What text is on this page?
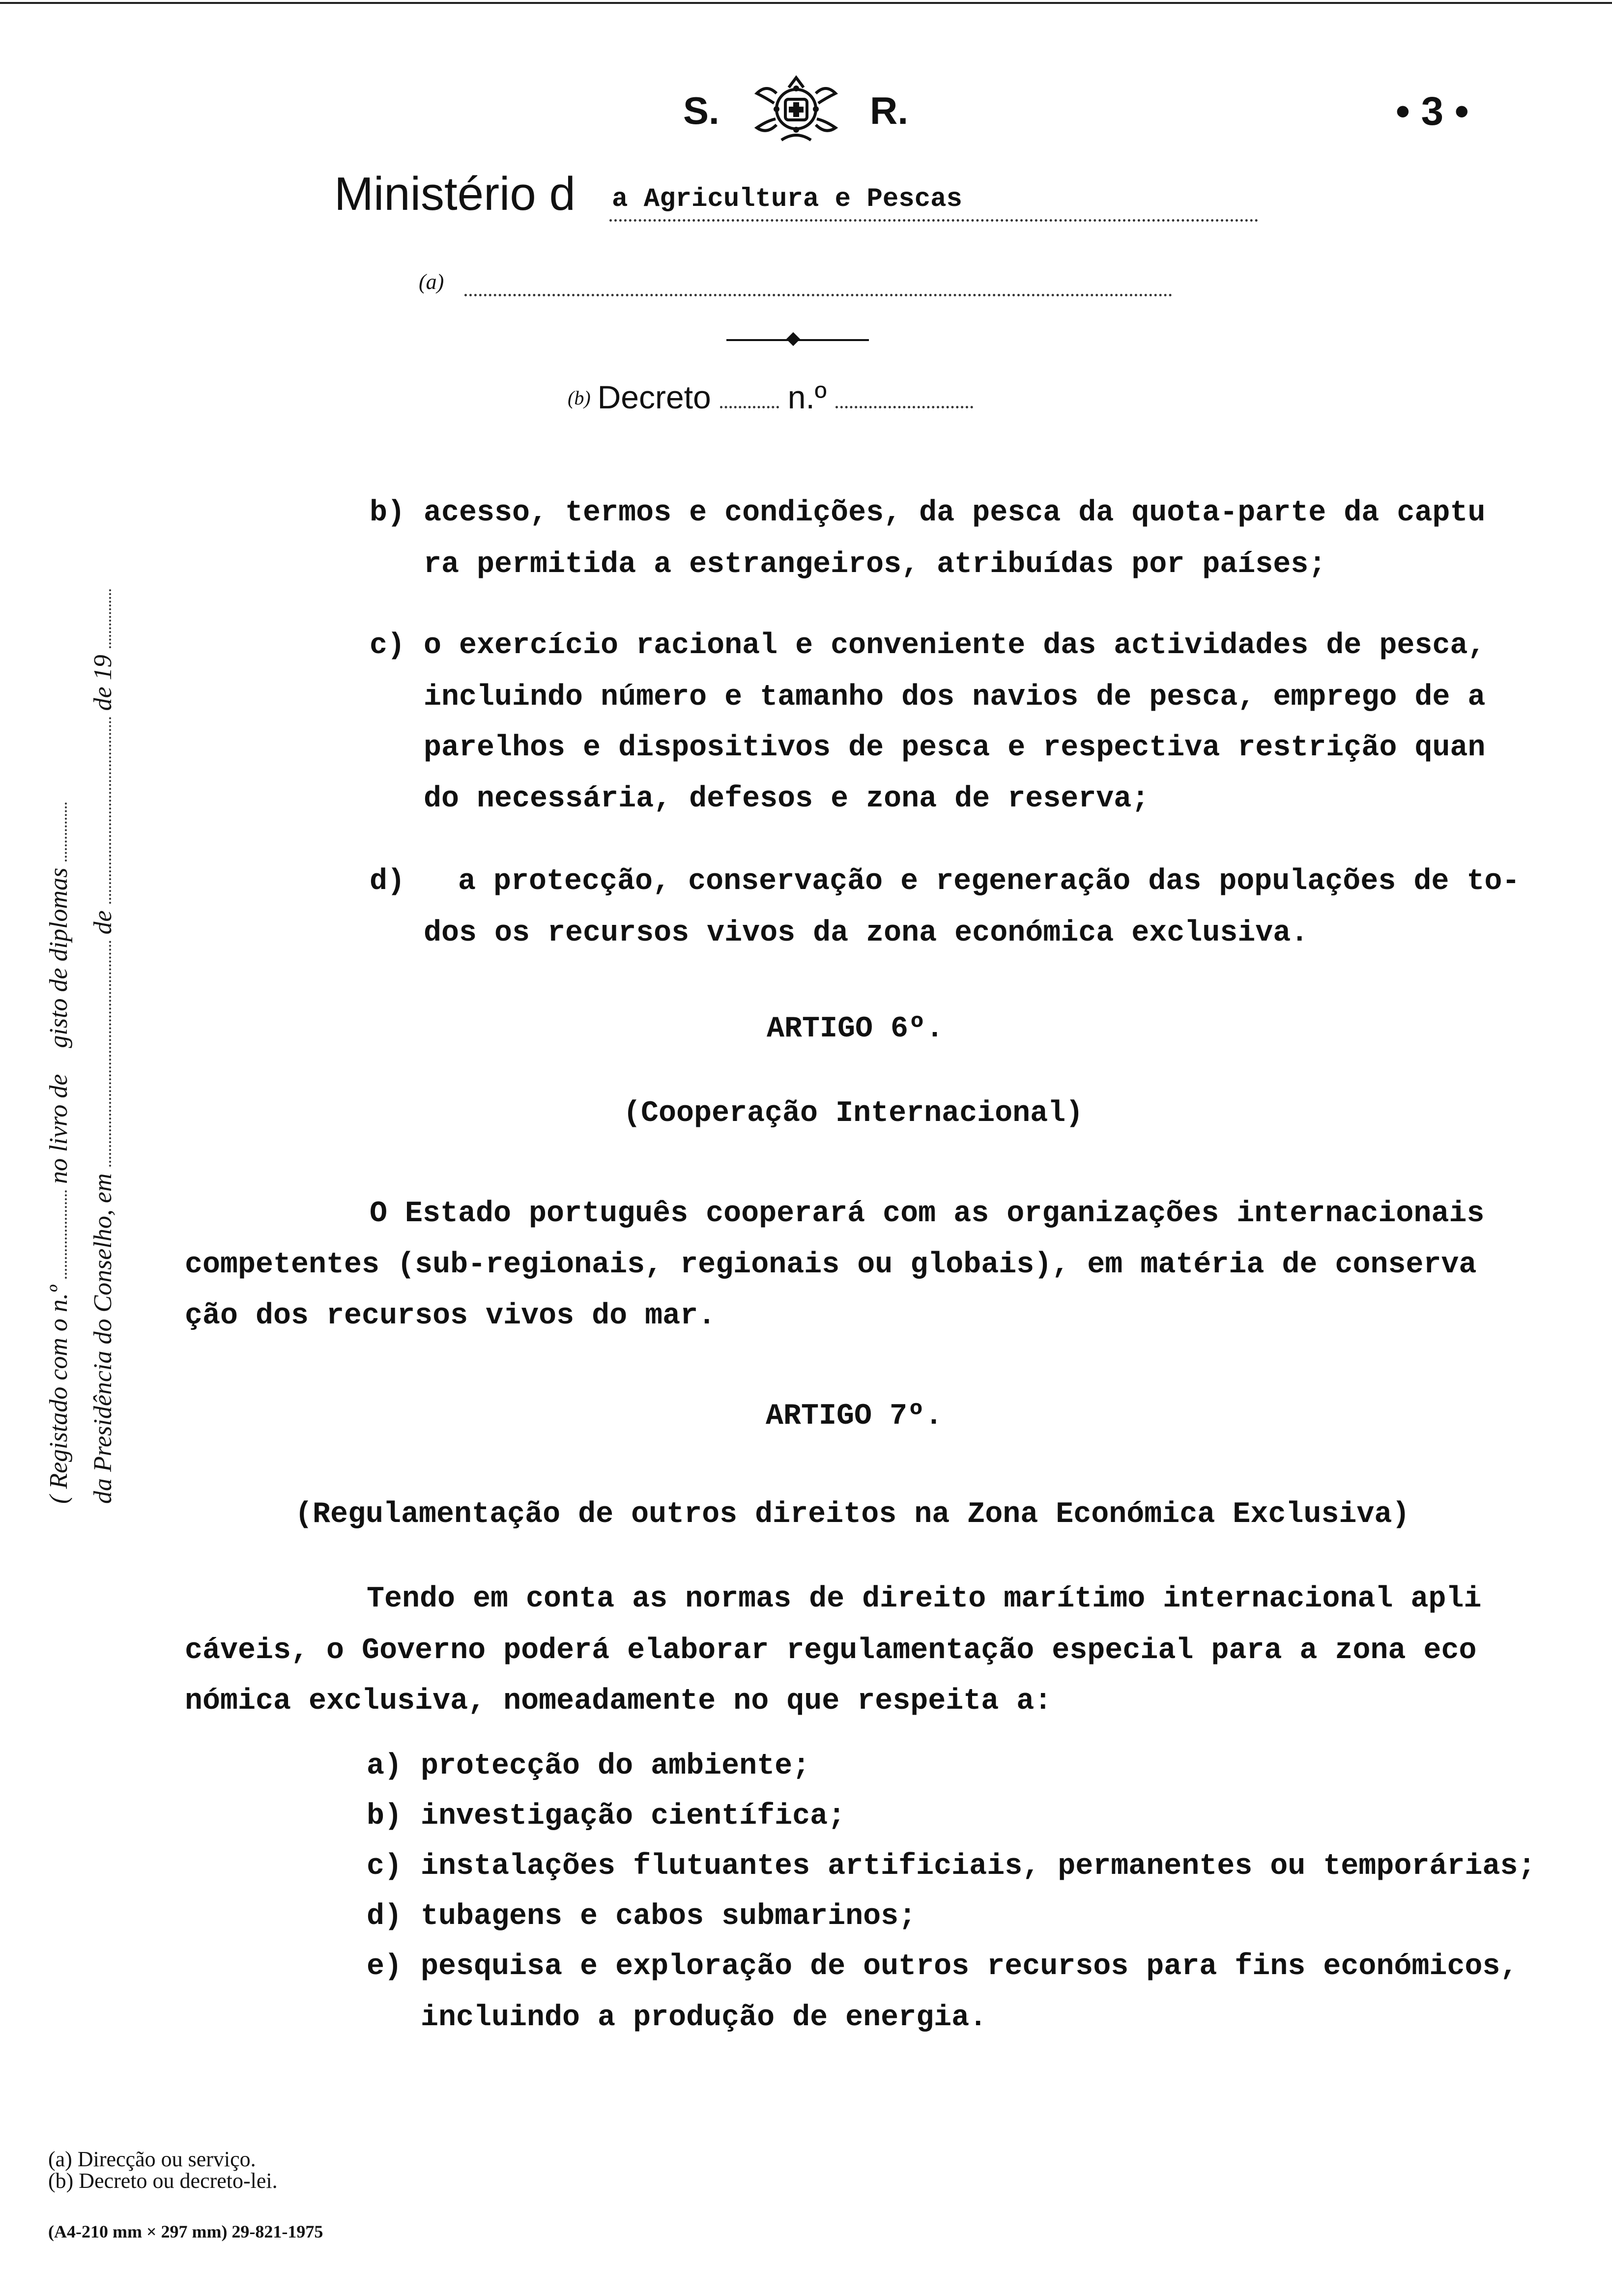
S.	R.	• 3 •
Ministério d a Agricultura e Pescas
(a)
(b) Decreto n.º
( Registado com o n.º  no livro de gisto de diplomas
da Presidência do Conselho, em  de  de 19
b) acesso, termos e condições, da pesca da quota-parte da captu
ra permitida a estrangeiros, atribuídas por países;
c) o exercício racional e conveniente das actividades de pesca,
incluindo número e tamanho dos navios de pesca, emprego de a
parelhos e dispositivos de pesca e respectiva restrição quan
do necessária, defesos e zona de reserva;
d) a protecção, conservação e regeneração das populações de to-
dos os recursos vivos da zona económica exclusiva.
ARTIGO 6º.
(Cooperação Internacional)
O Estado português cooperará com as organizações internacionais
competentes (sub-regionais, regionais ou globais), em matéria de conserva
ção dos recursos vivos do mar.
ARTIGO 7º.
(Regulamentação de outros direitos na Zona Económica Exclusiva)
Tendo em conta as normas de direito marítimo internacional apli
cáveis, o Governo poderá elaborar regulamentação especial para a zona eco
nómica exclusiva, nomeadamente no que respeita a:
a) protecção do ambiente;
b) investigação científica;
c) instalações flutuantes artificiais, permanentes ou temporárias;
d) tubagens e cabos submarinos;
e) pesquisa e exploração de outros recursos para fins económicos,
incluindo a produção de energia.
(a) Direcção ou serviço.
(b) Decreto ou decreto-lei.
(A4-210 mm × 297 mm) 29-821-1975
